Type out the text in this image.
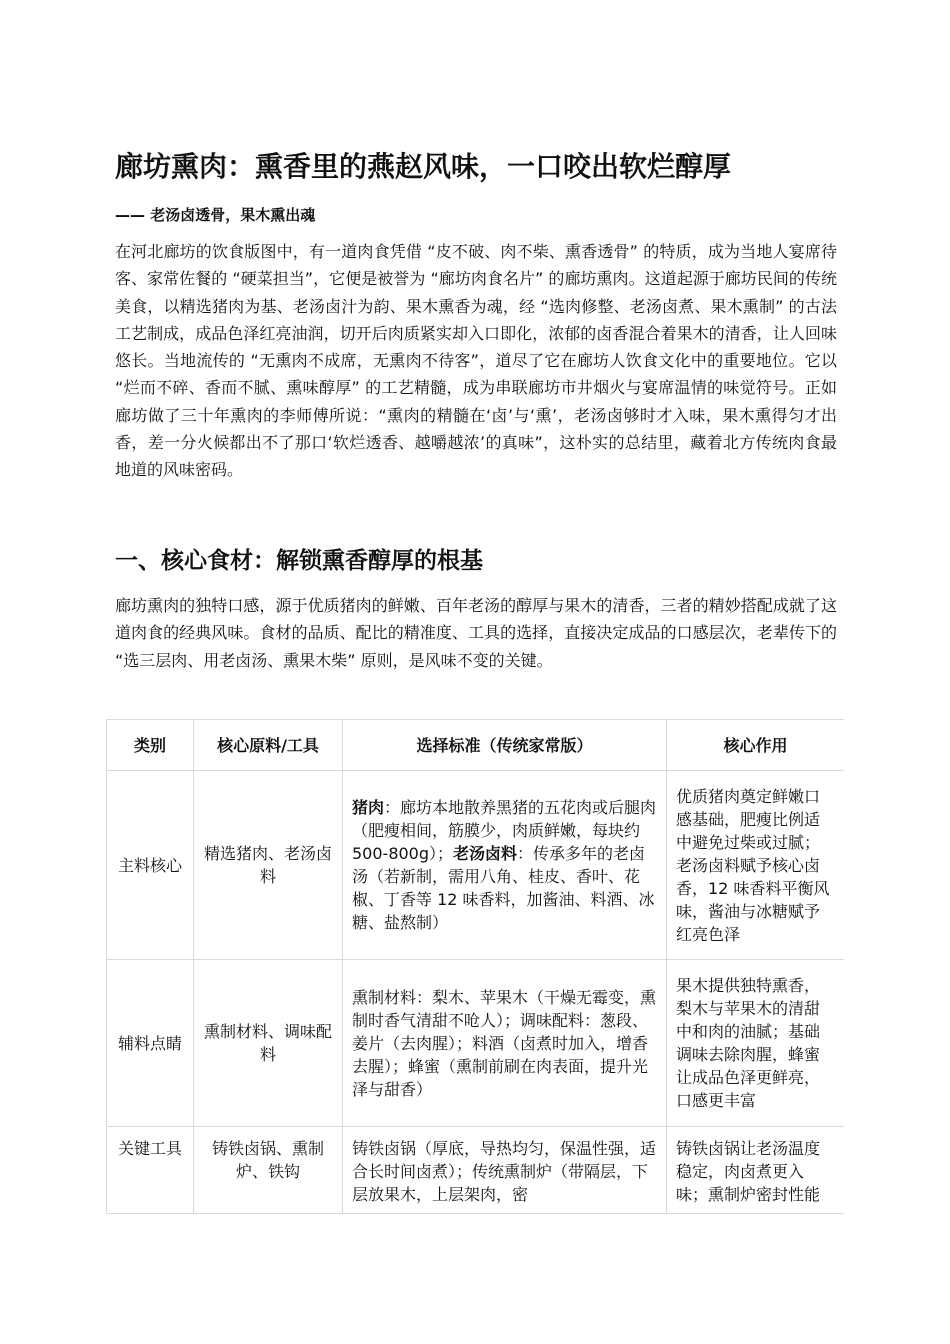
廊坊熏肉：熏香里的燕赵风味，一口咬出软烂醇厚
—— 老汤卤透骨，果木熏出魂

在河北廊坊的饮食版图中，有一道肉食凭借 “皮不破、肉不柴、熏香透骨” 的特质，成为当地人宴席待客、家常佐餐的 “硬菜担当”，它便是被誉为 “廊坊肉食名片” 的廊坊熏肉。这道起源于廊坊民间的传统美食，以精选猪肉为基、老汤卤汁为韵、果木熏香为魂，经 “选肉修整、老汤卤煮、果木熏制” 的古法工艺制成，成品色泽红亮油润，切开后肉质紧实却入口即化，浓郁的卤香混合着果木的清香，让人回味悠长。当地流传的 “无熏肉不成席，无熏肉不待客”，道尽了它在廊坊人饮食文化中的重要地位。它以 “烂而不碎、香而不腻、熏味醇厚” 的工艺精髓，成为串联廊坊市井烟火与宴席温情的味觉符号。正如廊坊做了三十年熏肉的李师傅所说：“熏肉的精髓在‘卤’与‘熏’，老汤卤够时才入味，果木熏得匀才出香，差一分火候都出不了那口‘软烂透香、越嚼越浓’的真味”，这朴实的总结里，藏着北方传统肉食最地道的风味密码。

一、核心食材：解锁熏香醇厚的根基

廊坊熏肉的独特口感，源于优质猪肉的鲜嫩、百年老汤的醇厚与果木的清香，三者的精妙搭配成就了这道肉食的经典风味。食材的品质、配比的精准度、工具的选择，直接决定成品的口感层次，老辈传下的 “选三层肉、用老卤汤、熏果木柴” 原则，是风味不变的关键。

类别	核心原料/工具	选择标准（传统家常版）	核心作用
主料核心	精选猪肉、老汤卤料	猪肉：廊坊本地散养黑猪的五花肉或后腿肉（肥瘦相间，筋膜少，肉质鲜嫩，每块约 500-800g）；老汤卤料：传承多年的老卤汤（若新制，需用八角、桂皮、香叶、花椒、丁香等 12 味香料，加酱油、料酒、冰糖、盐熬制）	优质猪肉奠定鲜嫩口感基础，肥瘦比例适中避免过柴或过腻；老汤卤料赋予核心卤香，12 味香料平衡风味，酱油与冰糖赋予红亮色泽
辅料点睛	熏制材料、调味配料	熏制材料：梨木、苹果木（干燥无霉变，熏制时香气清甜不呛人）；调味配料：葱段、姜片（去肉腥）；料酒（卤煮时加入，增香去腥）；蜂蜜（熏制前刷在肉表面，提升光泽与甜香）	果木提供独特熏香，梨木与苹果木的清甜中和肉的油腻；基础调味去除肉腥，蜂蜜让成品色泽更鲜亮，口感更丰富
关键工具	铸铁卤锅、熏制炉、铁钩	铸铁卤锅（厚底，导热均匀，保温性强，适合长时间卤煮）；传统熏制炉（带隔层，下层放果木，上层架肉，密	铸铁卤锅让老汤温度稳定，肉卤煮更入味；熏制炉密封性能
